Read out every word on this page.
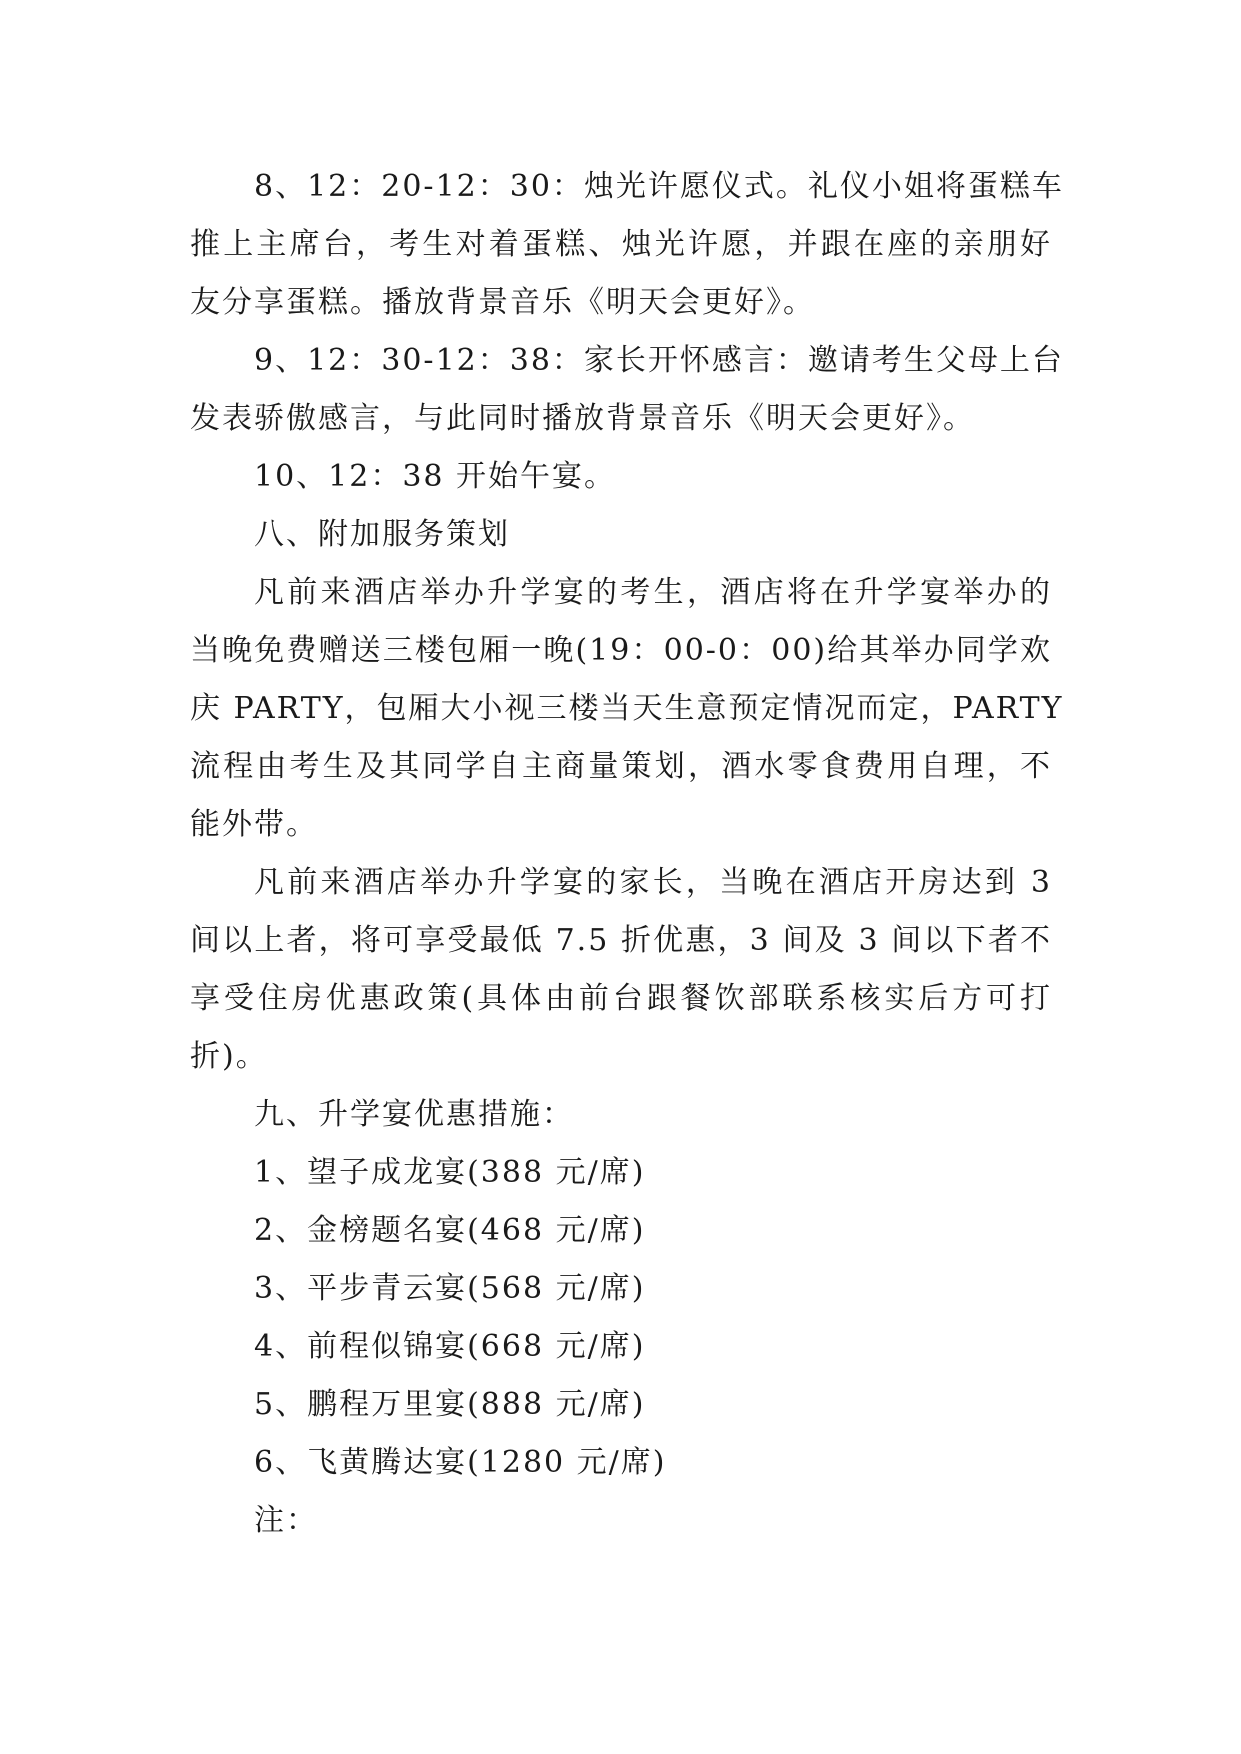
8、12：20-12：30：烛光许愿仪式。礼仪小姐将蛋糕车
推上主席台，考生对着蛋糕、烛光许愿，并跟在座的亲朋好
友分享蛋糕。播放背景音乐《明天会更好》。
9、12：30-12：38：家长开怀感言：邀请考生父母上台
发表骄傲感言，与此同时播放背景音乐《明天会更好》。
10、12：38 开始午宴。
八、附加服务策划
凡前来酒店举办升学宴的考生，酒店将在升学宴举办的
当晚免费赠送三楼包厢一晚(19：00-0：00)给其举办同学欢
庆 PARTY，包厢大小视三楼当天生意预定情况而定，PARTY
流程由考生及其同学自主商量策划，酒水零食费用自理，不
能外带。
凡前来酒店举办升学宴的家长，当晚在酒店开房达到 3
间以上者，将可享受最低 7.5 折优惠，3 间及 3 间以下者不
享受住房优惠政策(具体由前台跟餐饮部联系核实后方可打
折)。
九、升学宴优惠措施：
1、望子成龙宴(388 元/席)
2、金榜题名宴(468 元/席)
3、平步青云宴(568 元/席)
4、前程似锦宴(668 元/席)
5、鹏程万里宴(888 元/席)
6、飞黄腾达宴(1280 元/席)
注：
